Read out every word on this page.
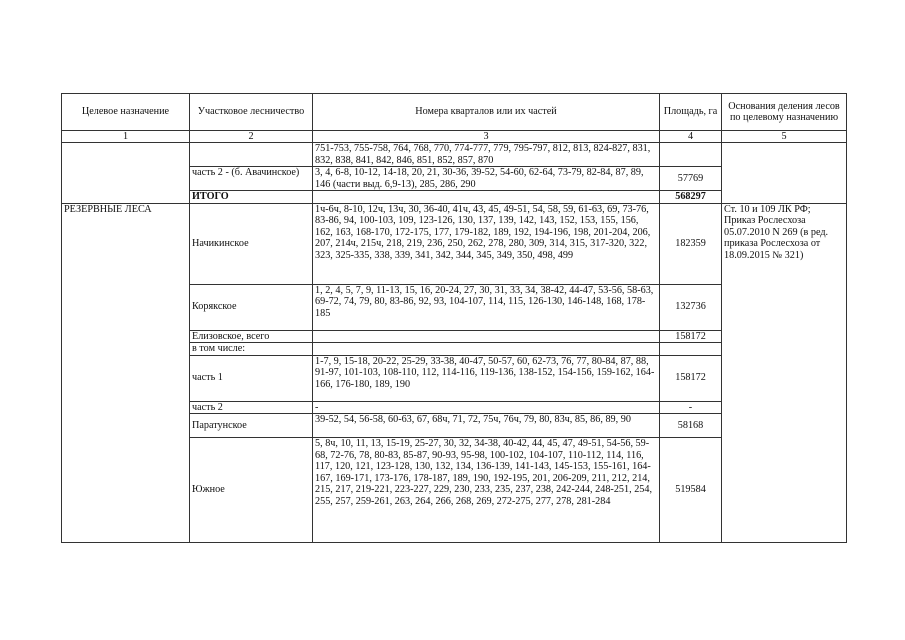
Целевое назначение	Участковое лесничество	Номера кварталов или их частей	Площадь, га	Основания деления лесов по целевому назначению
1	2	3	4	5
		751-753, 755-758, 764, 768, 770, 774-777, 779, 795-797, 812, 813, 824-827, 831, 832, 838, 841, 842, 846, 851, 852, 857, 870		
	часть 2 - (б. Авачинское)	3, 4, 6-8, 10-12, 14-18, 20, 21, 30-36, 39-52, 54-60, 62-64, 73-79, 82-84, 87, 89, 146 (части выд. 6,9-13), 285, 286, 290	57769	
	ИТОГО		568297	
РЕЗЕРВНЫЕ ЛЕСА	Начикинское	1ч-6ч, 8-10, 12ч, 13ч, 30, 36-40, 41ч, 43, 45, 49-51, 54, 58, 59, 61-63, 69, 73-76, 83-86, 94, 100-103, 109, 123-126, 130, 137, 139, 142, 143, 152, 153, 155, 156, 162, 163, 168-170, 172-175, 177, 179-182, 189, 192, 194-196, 198, 201-204, 206, 207, 214ч, 215ч, 218, 219, 236, 250, 262, 278, 280, 309, 314, 315, 317-320, 322, 323, 325-335, 338, 339, 341, 342, 344, 345, 349, 350, 498, 499	182359	Ст. 10 и 109 ЛК РФ; Приказ Рослесхоза 05.07.2010 N 269 (в ред. приказа Рослесхоза от 18.09.2015 № 321)
	Корякское	1, 2, 4, 5, 7, 9, 11-13, 15, 16, 20-24, 27, 30, 31, 33, 34, 38-42, 44-47, 53-56, 58-63, 69-72, 74, 79, 80, 83-86, 92, 93, 104-107, 114, 115, 126-130, 146-148, 168, 178-185	132736	
	Елизовское, всего		158172	
	в том числе:			
	часть 1	1-7, 9, 15-18, 20-22, 25-29, 33-38, 40-47, 50-57, 60, 62-73, 76, 77, 80-84, 87, 88, 91-97, 101-103, 108-110, 112, 114-116, 119-136, 138-152, 154-156, 159-162, 164-166, 176-180, 189, 190	158172	
	часть 2	-	-	
	Паратунское	39-52, 54, 56-58, 60-63, 67, 68ч, 71, 72, 75ч, 76ч, 79, 80, 83ч, 85, 86, 89, 90	58168	
	Южное	5, 8ч, 10, 11, 13, 15-19, 25-27, 30, 32, 34-38, 40-42, 44, 45, 47, 49-51, 54-56, 59-68, 72-76, 78, 80-83, 85-87, 90-93, 95-98, 100-102, 104-107, 110-112, 114, 116, 117, 120, 121, 123-128, 130, 132, 134, 136-139, 141-143, 145-153, 155-161, 164-167, 169-171, 173-176, 178-187, 189, 190, 192-195, 201, 206-209, 211, 212, 214, 215, 217, 219-221, 223-227, 229, 230, 233, 235, 237, 238, 242-244, 248-251, 254, 255, 257, 259-261, 263, 264, 266, 268, 269, 272-275, 277, 278, 281-284	519584	
